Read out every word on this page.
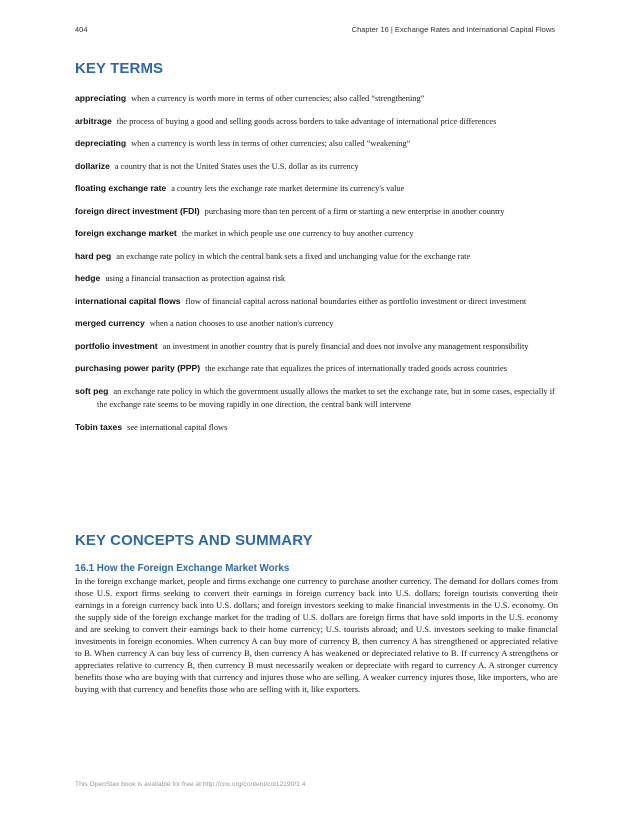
404	Chapter 16 | Exchange Rates and International Capital Flows
KEY TERMS

appreciating when a currency is worth more in terms of other currencies; also called “strengthening”

arbitrage the process of buying a good and selling goods across borders to take advantage of international price differences

depreciating when a currency is worth less in terms of other currencies; also called “weakening”

dollarize a country that is not the United States uses the U.S. dollar as its currency

floating exchange rate a country lets the exchange rate market determine its currency's value

foreign direct investment (FDI) purchasing more than ten percent of a firm or starting a new enterprise in another country

foreign exchange market the market in which people use one currency to buy another currency

hard peg an exchange rate policy in which the central bank sets a fixed and unchanging value for the exchange rate

hedge using a financial transaction as protection against risk

international capital flows flow of financial capital across national boundaries either as portfolio investment or direct investment

merged currency when a nation chooses to use another nation's currency

portfolio investment an investment in another country that is purely financial and does not involve any management responsibility

purchasing power parity (PPP) the exchange rate that equalizes the prices of internationally traded goods across countries

soft peg an exchange rate policy in which the government usually allows the market to set the exchange rate, but in some cases, especially if the exchange rate seems to be moving rapidly in one direction, the central bank will intervene

Tobin taxes see international capital flows

KEY CONCEPTS AND SUMMARY
16.1 How the Foreign Exchange Market Works

In the foreign exchange market, people and firms exchange one currency to purchase another currency. The demand for dollars comes from those U.S. export firms seeking to convert their earnings in foreign currency back into U.S. dollars; foreign tourists converting their earnings in a foreign currency back into U.S. dollars; and foreign investors seeking to make financial investments in the U.S. economy. On the supply side of the foreign exchange market for the trading of U.S. dollars are foreign firms that have sold imports in the U.S. economy and are seeking to convert their earnings back to their home currency; U.S. tourists abroad; and U.S. investors seeking to make financial investments in foreign economies. When currency A can buy more of currency B, then currency A has strengthened or appreciated relative to B. When currency A can buy less of currency B, then currency A has weakened or depreciated relative to B. If currency A strengthens or appreciates relative to currency B, then currency B must necessarily weaken or depreciate with regard to currency A. A stronger currency benefits those who are buying with that currency and injures those who are selling. A weaker currency injures those, like importers, who are buying with that currency and benefits those who are selling with it, like exporters.

This OpenStax book is available for free at http://cnx.org/content/col12190/1.4
